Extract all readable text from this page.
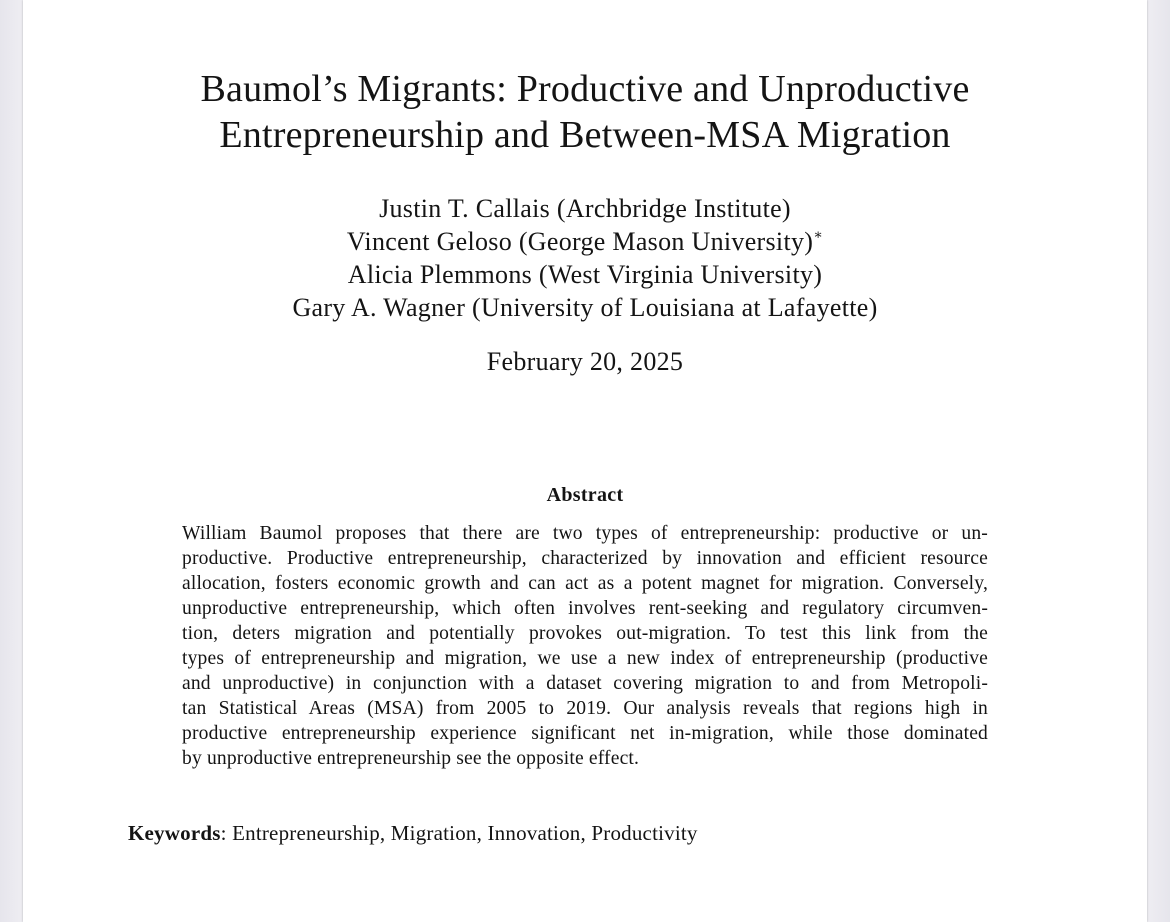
Baumol’s Migrants: Productive and Unproductive
Entrepreneurship and Between-MSA Migration
Justin T. Callais (Archbridge Institute)
Vincent Geloso (George Mason University)∗
Alicia Plemmons (West Virginia University)
Gary A. Wagner (University of Louisiana at Lafayette)
February 20, 2025
Abstract
William Baumol proposes that there are two types of entrepreneurship: productive or un-
productive. Productive entrepreneurship, characterized by innovation and efficient resource
allocation, fosters economic growth and can act as a potent magnet for migration. Conversely,
unproductive entrepreneurship, which often involves rent-seeking and regulatory circumven-
tion, deters migration and potentially provokes out-migration. To test this link from the
types of entrepreneurship and migration, we use a new index of entrepreneurship (productive
and unproductive) in conjunction with a dataset covering migration to and from Metropoli-
tan Statistical Areas (MSA) from 2005 to 2019. Our analysis reveals that regions high in
productive entrepreneurship experience significant net in-migration, while those dominated
by unproductive entrepreneurship see the opposite effect.
Keywords: Entrepreneurship, Migration, Innovation, Productivity
